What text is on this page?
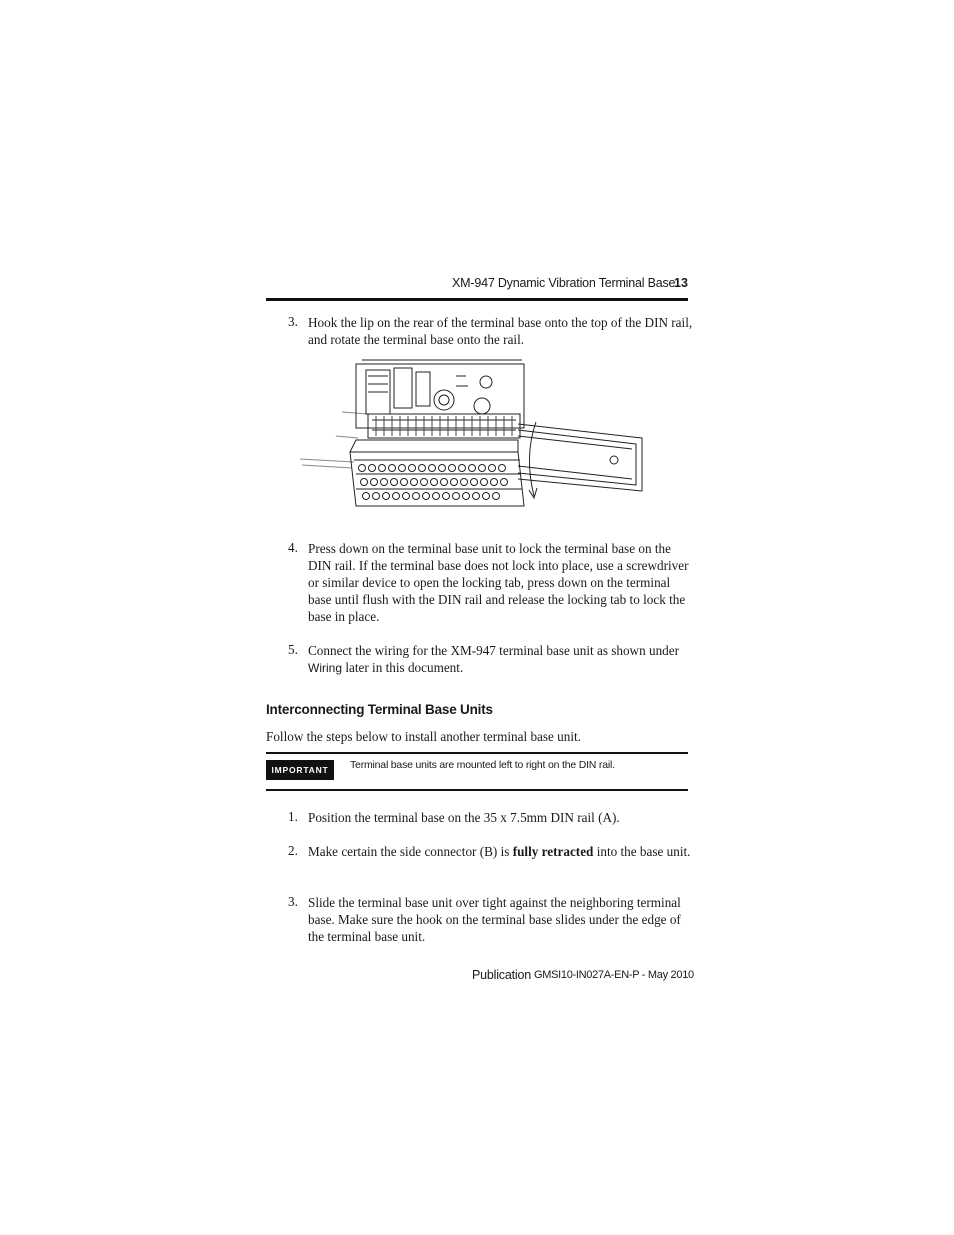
XM-947 Dynamic Vibration Terminal Base
13
3. Hook the lip on the rear of the terminal base onto the top of the DIN rail, and rotate the terminal base onto the rail.
4. Press down on the terminal base unit to lock the terminal base on the DIN rail. If the terminal base does not lock into place, use a screwdriver or similar device to open the locking tab, press down on the terminal base until flush with the DIN rail and release the locking tab to lock the base in place.
5. Connect the wiring for the XM-947 terminal base unit as shown under Wiring later in this document.
Interconnecting Terminal Base Units
Follow the steps below to install another terminal base unit.
IMPORTANT	Terminal base units are mounted left to right on the DIN rail.
1. Position the terminal base on the 35 x 7.5mm DIN rail (A).
2. Make certain the side connector (B) is fully retracted into the base unit.
3. Slide the terminal base unit over tight against the neighboring terminal base. Make sure the hook on the terminal base slides under the edge of the terminal base unit.
Publication GMSI10-IN027A-EN-P - May 2010
